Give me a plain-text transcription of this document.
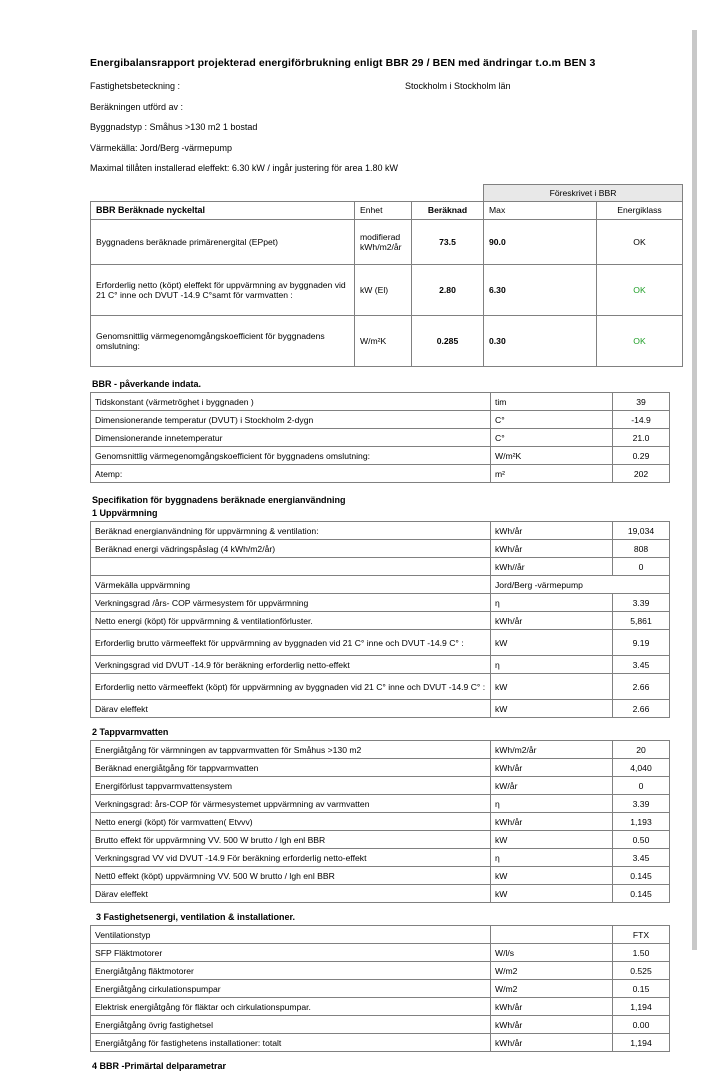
Energibalansrapport projekterad energiförbrukning enligt BBR 29 / BEN med ändringar t.o.m BEN 3
Fastighetsbeteckning :	Stockholm i Stockholm län
Beräkningen utförd av :
Byggnadstyp : Småhus >130 m2 1 bostad
Värmekälla: Jord/Berg -värmepump
Maximal tillåten installerad eleffekt: 6.30 kW / ingår justering för area 1.80 kW
			Föreskrivet i BBR	
BBR Beräknade nyckeltal	Enhet	Beräknad	Max	Energiklass
Byggnadens beräknade primärenergital (EPpet)	modifierad kWh/m2/år	73.5	90.0	OK
Erforderlig netto (köpt) eleffekt för uppvärmning av byggnaden vid 21 C° inne och DVUT -14.9 C°samt för varmvatten :	kW (El)	2.80	6.30	OK
Genomsnittlig värmegenomgångskoefficient för byggnadens omslutning:	W/m²K	0.285	0.30	OK
BBR - påverkande indata.
Tidskonstant (värmetröghet i byggnaden )	tim	39
Dimensionerande temperatur (DVUT) i Stockholm 2-dygn	C°	-14.9
Dimensionerande innetemperatur	C°	21.0
Genomsnittlig värmegenomgångskoefficient för byggnadens omslutning:	W/m²K	0.29
Atemp:	m²	202
Specifikation för byggnadens beräknade energianvändning
1 Uppvärmning
Beräknad energianvändning för uppvärmning & ventilation:	kWh/år	19,034
Beräknad energi vädringspåslag (4 kWh/m2/år)	kWh/år	808
	kWh//år	0
Värmekälla uppvärmning	Jord/Berg -värmepump	
Verkningsgrad /års- COP värmesystem för uppvärmning	η	3.39
Netto energi (köpt) för uppvärmning & ventilationförluster.	kWh/år	5,861
Erforderlig brutto värmeeffekt för uppvärmning av byggnaden vid 21 C° inne och DVUT -14.9 C° :	kW	9.19
Verkningsgrad vid DVUT -14.9 för beräkning erforderlig netto-effekt	η	3.45
Erforderlig netto värmeeffekt (köpt) för uppvärmning av byggnaden vid 21 C° inne och DVUT -14.9 C° :	kW	2.66
Därav eleffekt	kW	2.66
2 Tappvarmvatten
Energiåtgång för värmningen av tappvarmvatten för Småhus >130 m2	kWh/m2/år	20
Beräknad energiåtgång för tappvarmvatten	kWh/år	4,040
Energiförlust tappvarmvattensystem	kW/år	0
Verkningsgrad: års-COP för värmesystemet uppvärmning av varmvatten	η	3.39
Netto energi (köpt) för varmvatten( Etvvv)	kWh/år	1,193
Brutto effekt för uppvärmning VV. 500 W brutto / lgh enl BBR	kW	0.50
Verkningsgrad VV vid DVUT -14.9 För beräkning erforderlig netto-effekt	η	3.45
Nett0 effekt (köpt) uppvärmning VV. 500 W brutto / lgh enl BBR	kW	0.145
Därav eleffekt	kW	0.145
3 Fastighetsenergi, ventilation & installationer.
Ventilationstyp		FTX
SFP Fläktmotorer	W/l/s	1.50
Energiåtgång fläktmotorer	W/m2	0.525
Energiåtgång cirkulationspumpar	W/m2	0.15
Elektrisk energiåtgång för fläktar och cirkulationspumpar.	kWh/år	1,194
Energiåtgång övrig fastighetsel	kWh/år	0.00
Energiåtgång för fastighetens installationer: totalt	kWh/år	1,194
4 BBR -Primärtal delparametrar
